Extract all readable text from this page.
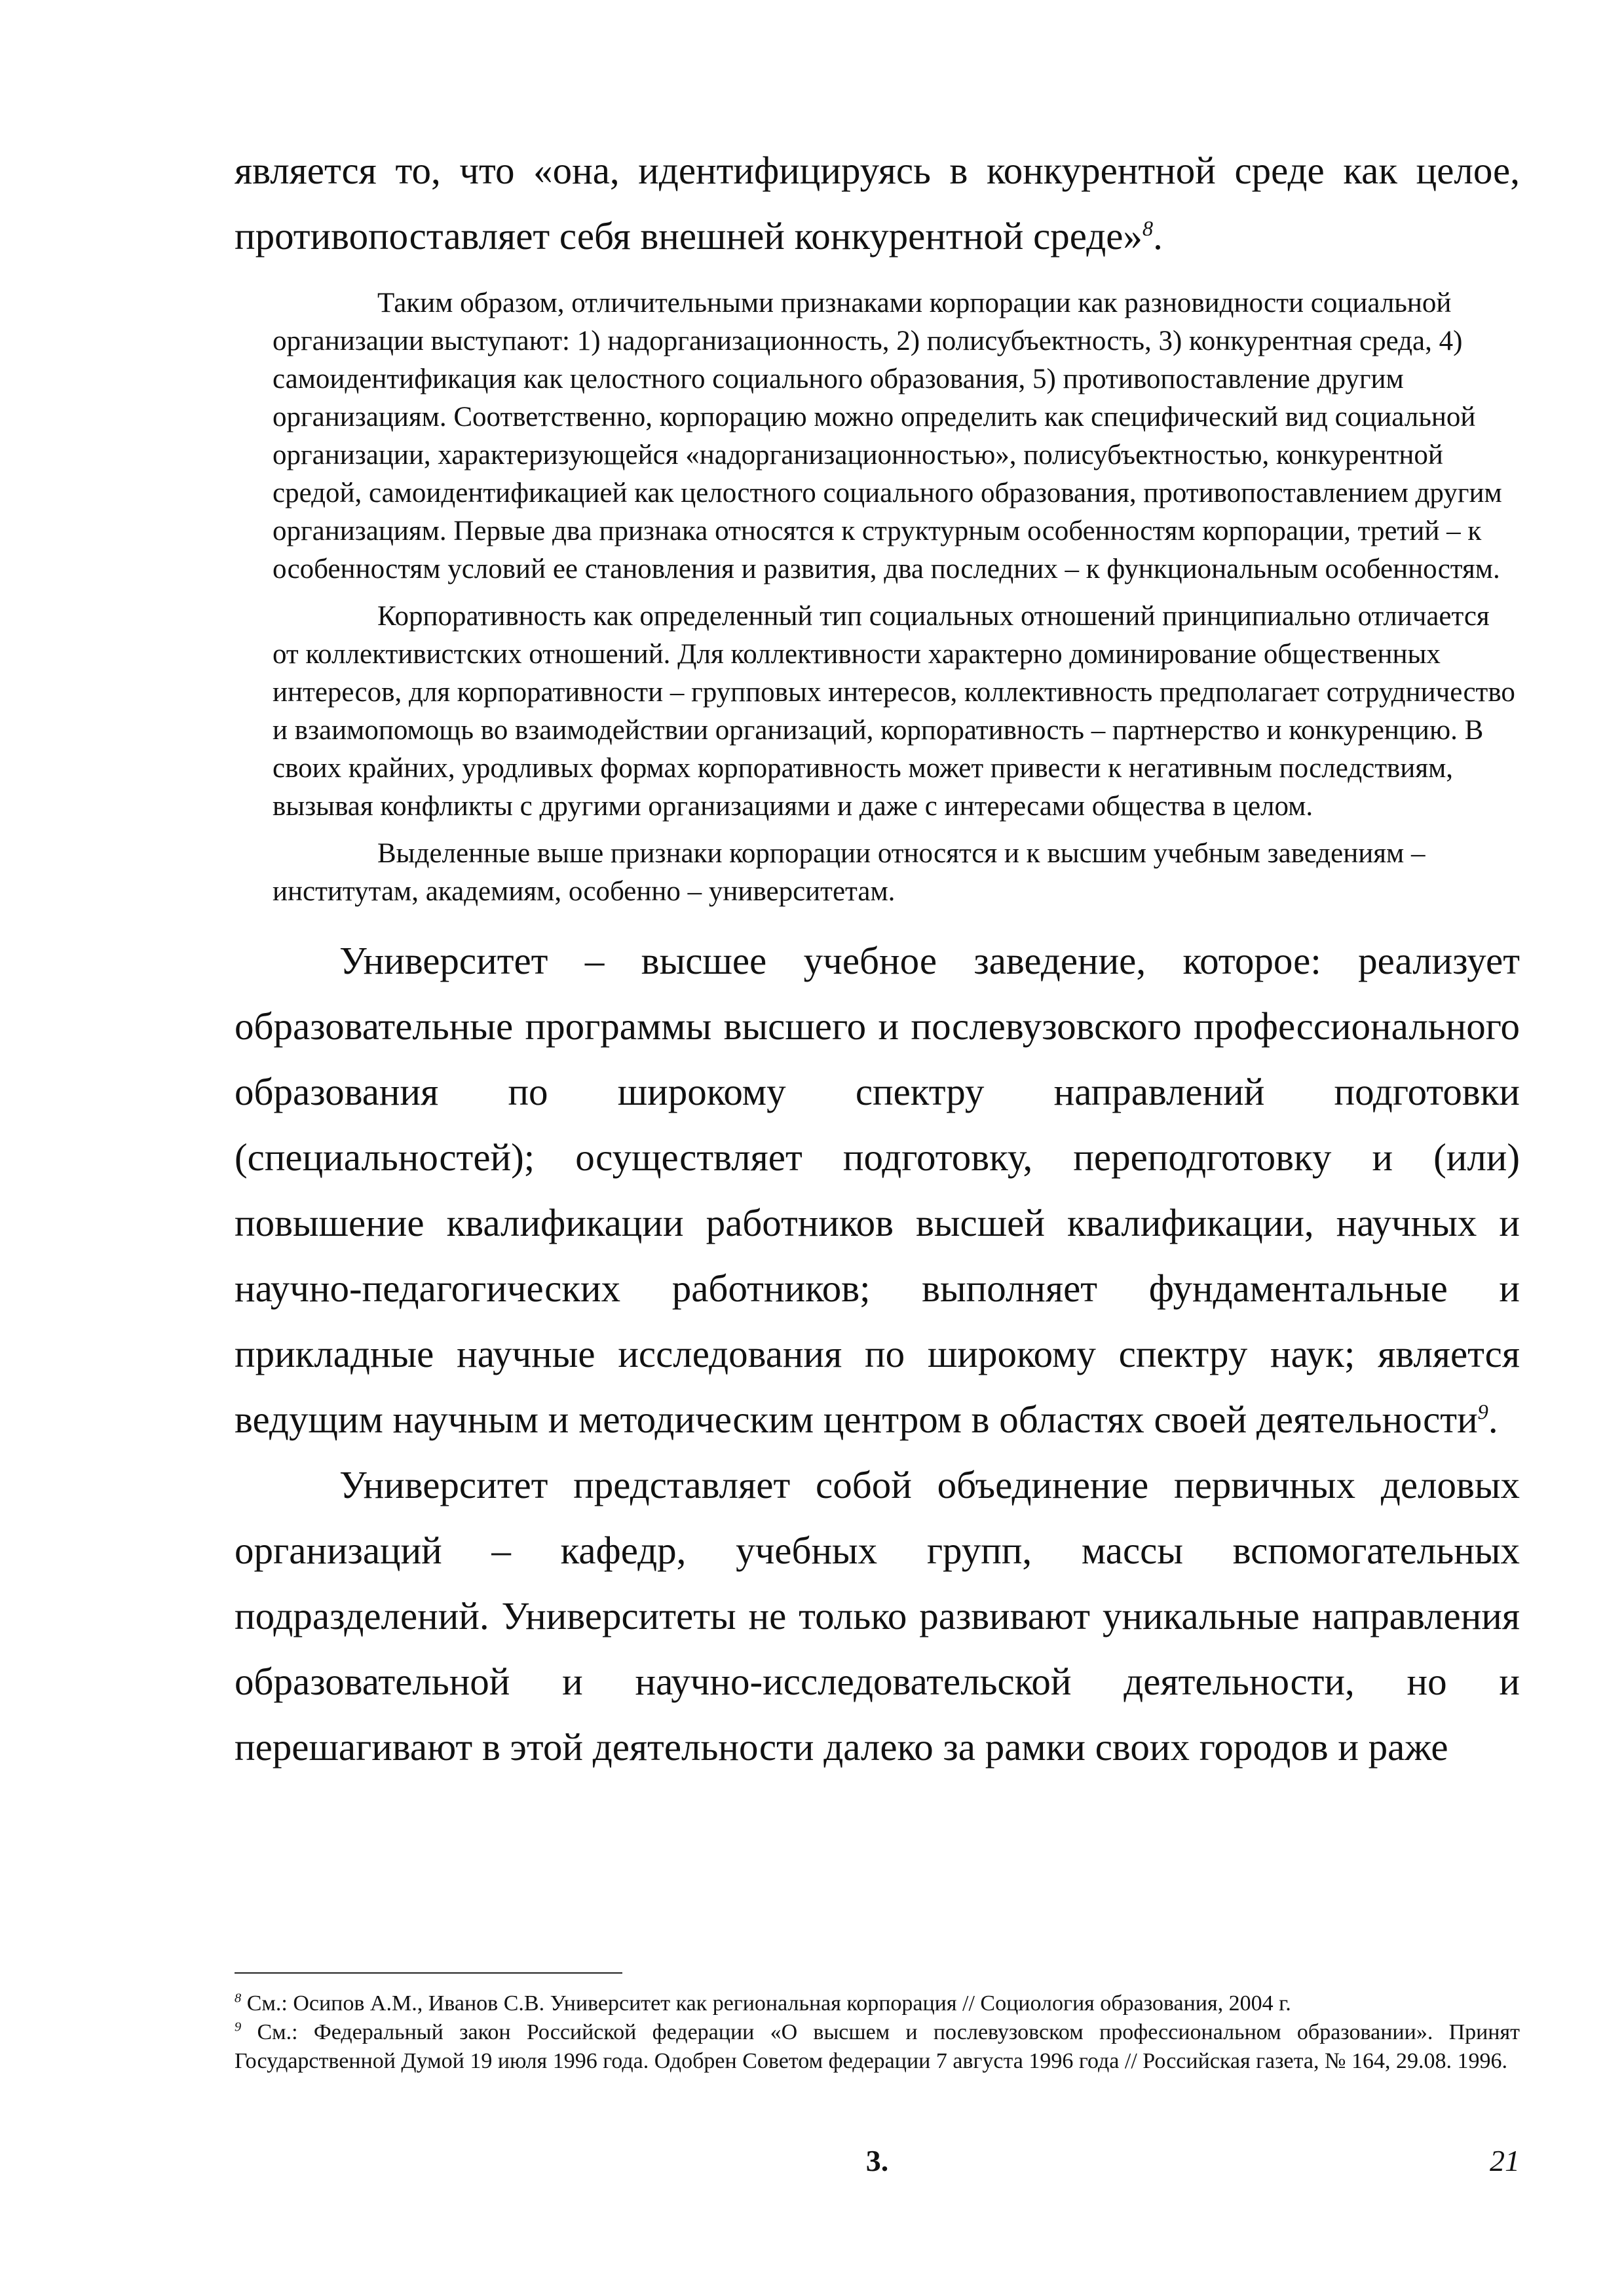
является то, что «она, идентифицируясь в конкурентной среде как целое, противопоставляет себя внешней конкурентной среде»$^8$.

Таким образом, отличительными признаками корпорации как разновидности социальной организации выступают: 1) надорганизационность, 2) полисубъектность, 3) конкурентная среда, 4) самоидентификация как целостного социального образования, 5) противопоставление другим организациям. Соответственно, корпорацию можно определить как специфический вид социальной организации, характеризующейся «надорганизационностью», полисубъектностью, конкурентной средой, самоидентификацией как целостного социального образования, противопоставлением другим организациям. Первые два признака относятся к структурным особенностям корпорации, третий – к особенностям условий ее становления и развития, два последних – к функциональным особенностям.

Корпоративность как определенный тип социальных отношений принципиально отличается от коллективистских отношений. Для коллективности характерно доминирование общественных интересов, для корпоративности – групповых интересов, коллективность предполагает сотрудничество и взаимопомощь во взаимодействии организаций, корпоративность – партнерство и конкуренцию. В своих крайних, уродливых формах корпоративность может привести к негативным последствиям, вызывая конфликты с другими организациями и даже с интересами общества в целом.

Выделенные выше признаки корпорации относятся и к высшим учебным заведениям – институтам, академиям, особенно – университетам.

Университет – высшее учебное заведение, которое: реализует образовательные программы высшего и послевузовского профессионального образования по широкому спектру направлений подготовки (специальностей); осуществляет подготовку, переподготовку и (или) повышение квалификации работников высшей квалификации, научных и научно-педагогических работников; выполняет фундаментальные и прикладные научные исследования по широкому спектру наук; является ведущим научным и методическим центром в областях своей деятельности$^9$.

Университет представляет собой объединение первичных деловых организаций – кафедр, учебных групп, массы вспомогательных подразделений. Университеты не только развивают уникальные направления образовательной и научно-исследовательской деятельности, но и перешагивают в этой деятельности далеко за рамки своих городов и раже

$^8$ См.: Осипов А.М., Иванов С.В. Университет как региональная корпорация // Социология образования, 2004 г.

$^9$ См.: Федеральный закон Российской федерации «О высшем и послевузовском профессиональном образовании». Принят Государственной Думой 19 июля 1996 года. Одобрен Советом федерации 7 августа 1996 года // Российская газета, № 164, 29.08. 1996.

3.	21
